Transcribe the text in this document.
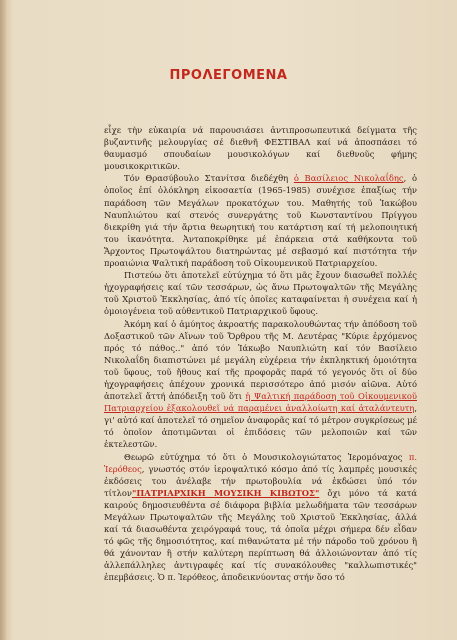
ΠΡΟΛΕΓΟΜΕΝΑ

εἶχε τὴν εὐκαιρία νά παρουσιάσει ἀντιπροσωπευτικά δείγματα τῆς βυζαντινῆς μελουργίας σέ διεθνῆ ΦΕΣΤΙΒΑΛ καί νά ἀποσπάσει τό θαυμασμό σπουδαίων μουσικολόγων καί διεθνοῦς φήμης μουσικοκριτικῶν.

Τόν Θρασύβουλο Στανίτσα διεδέχθη ὁ Βασίλειος Νικολαΐδης, ὁ ὁποῖος ἐπί ὁλόκληρη εἰκοσαετία (1965-1985) συνέχισε ἐπαξίως τήν παράδοση τῶν Μεγάλων προκατόχων του. Μαθητής τοῦ Ἰακώβου Ναυπλιώτου καί στενός συνεργάτης τοῦ Κωνσταντίνου Πρίγγου διεκρίθη γιά τήν ἄρτια θεωρητική του κατάρτιση καί τή μελοποιητική του ἱκανότητα. Ἀνταποκρίθηκε μέ ἐπάρκεια στά καθήκοντα τοῦ Ἄρχοντος Πρωτοψάλτου διατηρώντας μέ σεβασμό καί πιστότητα τήν προαιώνια Ψαλτική παράδοση τοῦ Οἰκουμενικοῦ Πατριαρχείου.

Πιστεύω ὅτι ἀποτελεῖ εὐτύχημα τό ὅτι μᾶς ἔχουν διασωθεῖ πολλές ἠχογραφήσεις καί τῶν τεσσάρων, ὡς ἄνω Πρωτοψαλτῶν τῆς Μεγάλης τοῦ Χριστοῦ Ἐκκλησίας, ἀπό τίς ὁποῖες καταφαίνεται ἡ συνέχεια καί ἡ ὁμοιογένεια τοῦ αὐθεντικοῦ Πατριαρχικοῦ ὕφους.

Ἀκόμη καί ὁ ἀμύητος ἀκροατής παρακολουθώντας τήν ἀπόδοση τοῦ Δοξαστικοῦ τῶν Αἴνων τοῦ Ὄρθρου τῆς Μ. Δευτέρας "Κύριε ἐρχόμενος πρός τό πάθος.." ἀπό τόν Ἰάκωβο Ναυπλιώτη καί τόν Βασίλειο Νικολαΐδη διαπιστώνει μέ μεγάλη εὐχέρεια τήν ἐκπληκτική ὁμοιότητα τοῦ ὕφους, τοῦ ἤθους καί τῆς προφορᾶς παρά τό γεγονός ὅτι οἱ δύο ἠχογραφήσεις ἀπέχουν χρονικά περισσότερο ἀπό μισόν αἰῶνα. Αὐτό ἀποτελεῖ ἄττή ἀπόδειξη τοῦ ὅτι ἡ Ψαλτική παράδοση τοῦ Οἰκουμενικοῦ Πατριαρχείου ἐξακολουθεῖ νά παραμένει ἀναλλοίωτη καί ἀταλάντευτη, γι' αὐτό καί ἀποτελεῖ τό σημεῖον ἀναφορᾶς καί τό μέτρον συγκρίσεως μέ τό ὁποῖον ἀποτιμῶνται οἱ ἐπιδόσεις τῶν μελοποιῶν καί τῶν ἐκτελεστῶν.

Θεωρῶ εὐτύχημα τό ὅτι ὁ Μουσικολογιώτατος Ἱερομόναχος π. Ἰερόθεος, γνωστός στόν ἱεροψαλτικό κόσμο ἀπό τίς λαμπρές μουσικές ἐκδόσεις του ἀνέλαβε τήν πρωτοβουλία νά ἐκδώσει ὑπό τόν τίτλον"ΠΑΤΡΙΑΡΧΙΚΗ ΜΟΥΣΙΚΗ ΚΙΒΩΤΟΣ" ὄχι μόνο τά κατά καιρούς δημοσιευθέντα σέ διάφορα βιβλία μελωδήματα τῶν τεσσάρων Μεγάλων Πρωτοψαλτῶν τῆς Μεγάλης τοῦ Χριστοῦ Ἐκκλησίας, ἀλλά καί τά διασωθέντα χειρόγραφά τους, τά ὁποῖα μέχρι σήμερα δέν εἶδαν τό φῶς τῆς δημοσιότητος, καί πιθανώτατα μέ τήν πάροδο τοῦ χρόνου ἢ θά χάνονταν ἢ στήν καλύτερη περίπτωση θά ἀλλοιώνονταν ἀπό τίς ἀλλεπάλληλες ἀντιγραφές καί τίς συνακόλουθες "καλλωπιστικές" ἐπεμβάσεις. Ὁ π. Ἰερόθεος, ἀποδεικνύοντας στήν ὅσο τό
